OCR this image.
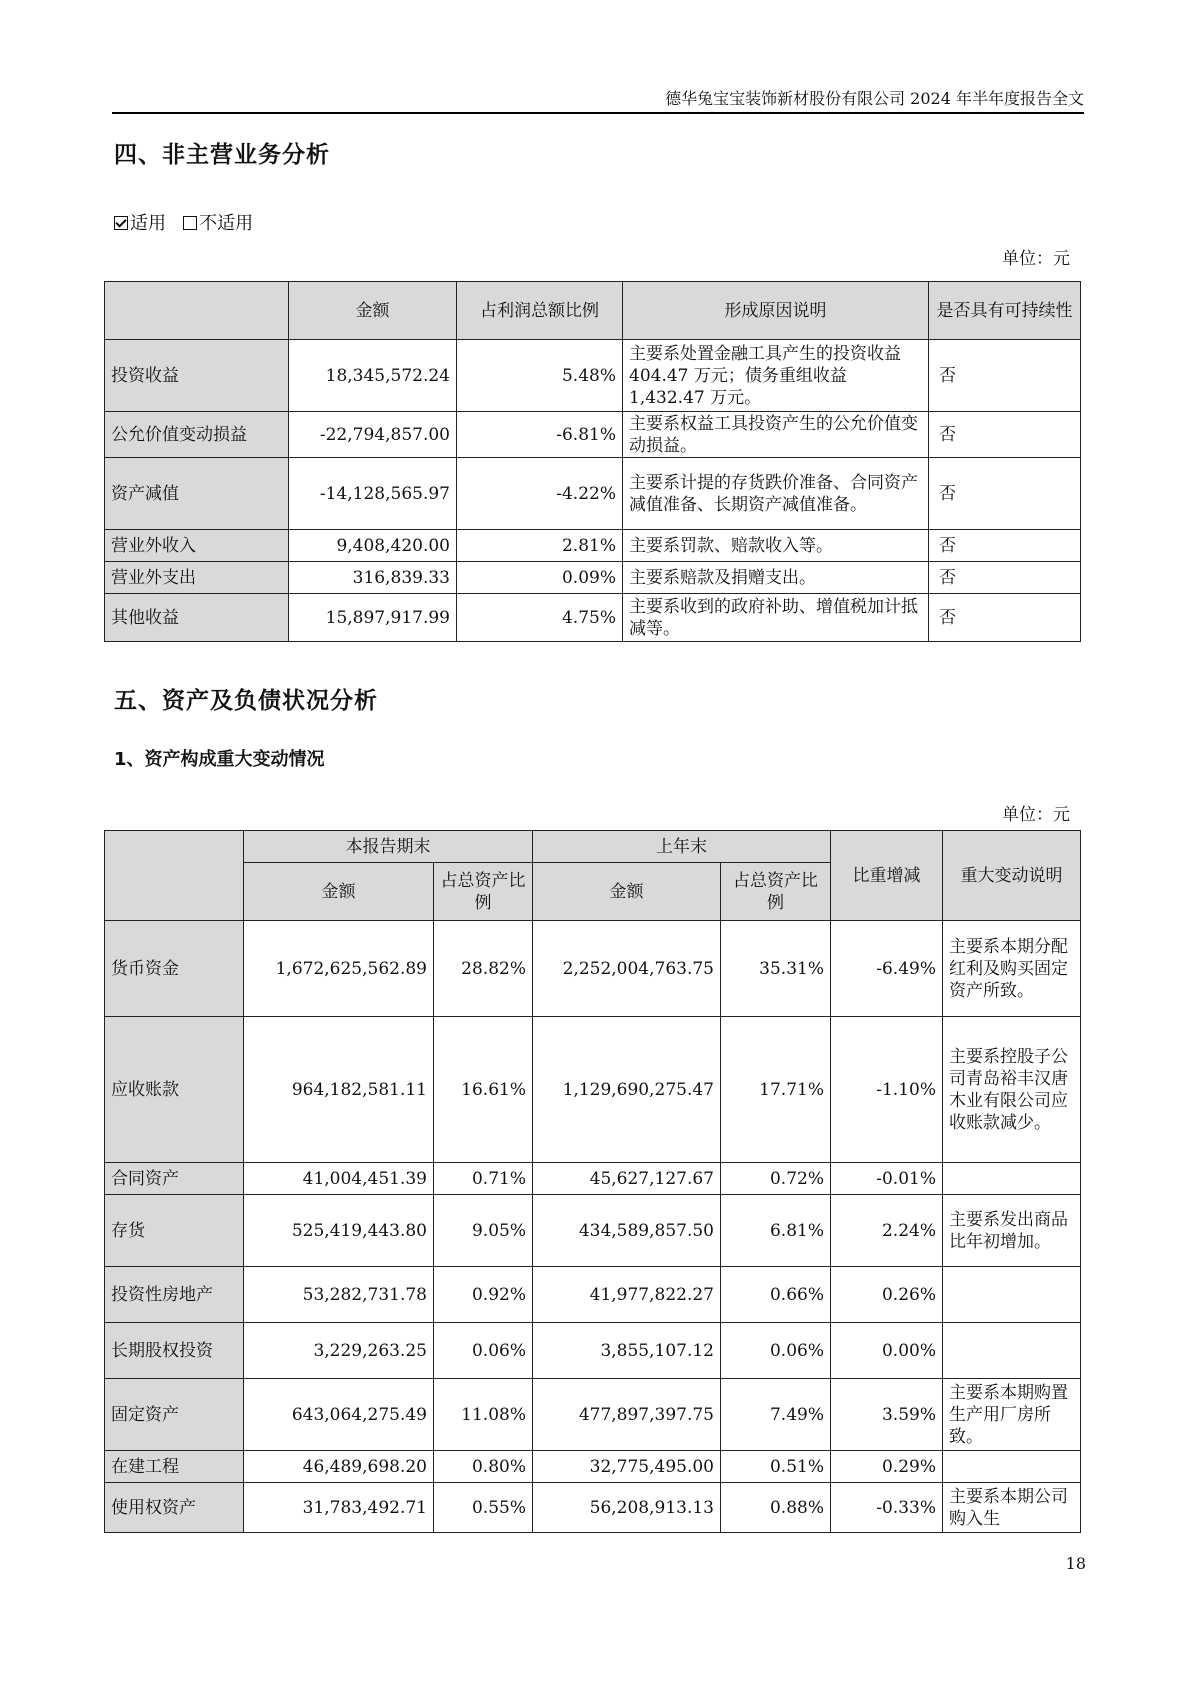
德华兔宝宝装饰新材股份有限公司 2024 年半年度报告全文
四、非主营业务分析
适用 不适用
单位：元
	金额	占利润总额比例	形成原因说明	是否具有可持续性
投资收益	18,345,572.24	5.48%	主要系处置金融工具产生的投资收益 404.47 万元；债务重组收益 1,432.47 万元。	否
公允价值变动损益	-22,794,857.00	-6.81%	主要系权益工具投资产生的公允价值变动损益。	否
资产减值	-14,128,565.97	-4.22%	主要系计提的存货跌价准备、合同资产减值准备、长期资产减值准备。	否
营业外收入	9,408,420.00	2.81%	主要系罚款、赔款收入等。	否
营业外支出	316,839.33	0.09%	主要系赔款及捐赠支出。	否
其他收益	15,897,917.99	4.75%	主要系收到的政府补助、增值税加计抵减等。	否
五、资产及负债状况分析
1、资产构成重大变动情况
单位：元
	本报告期末		上年末		比重增减	重大变动说明
	金额	占总资产比例	金额	占总资产比例		
货币资金	1,672,625,562.89	28.82%	2,252,004,763.75	35.31%	-6.49%	主要系本期分配红利及购买固定资产所致。
应收账款	964,182,581.11	16.61%	1,129,690,275.47	17.71%	-1.10%	主要系控股子公司青岛裕丰汉唐木业有限公司应收账款减少。
合同资产	41,004,451.39	0.71%	45,627,127.67	0.72%	-0.01%	
存货	525,419,443.80	9.05%	434,589,857.50	6.81%	2.24%	主要系发出商品比年初增加。
投资性房地产	53,282,731.78	0.92%	41,977,822.27	0.66%	0.26%	
长期股权投资	3,229,263.25	0.06%	3,855,107.12	0.06%	0.00%	
固定资产	643,064,275.49	11.08%	477,897,397.75	7.49%	3.59%	主要系本期购置生产用厂房所致。
在建工程	46,489,698.20	0.80%	32,775,495.00	0.51%	0.29%	
使用权资产	31,783,492.71	0.55%	56,208,913.13	0.88%	-0.33%	主要系本期公司购入生
18
